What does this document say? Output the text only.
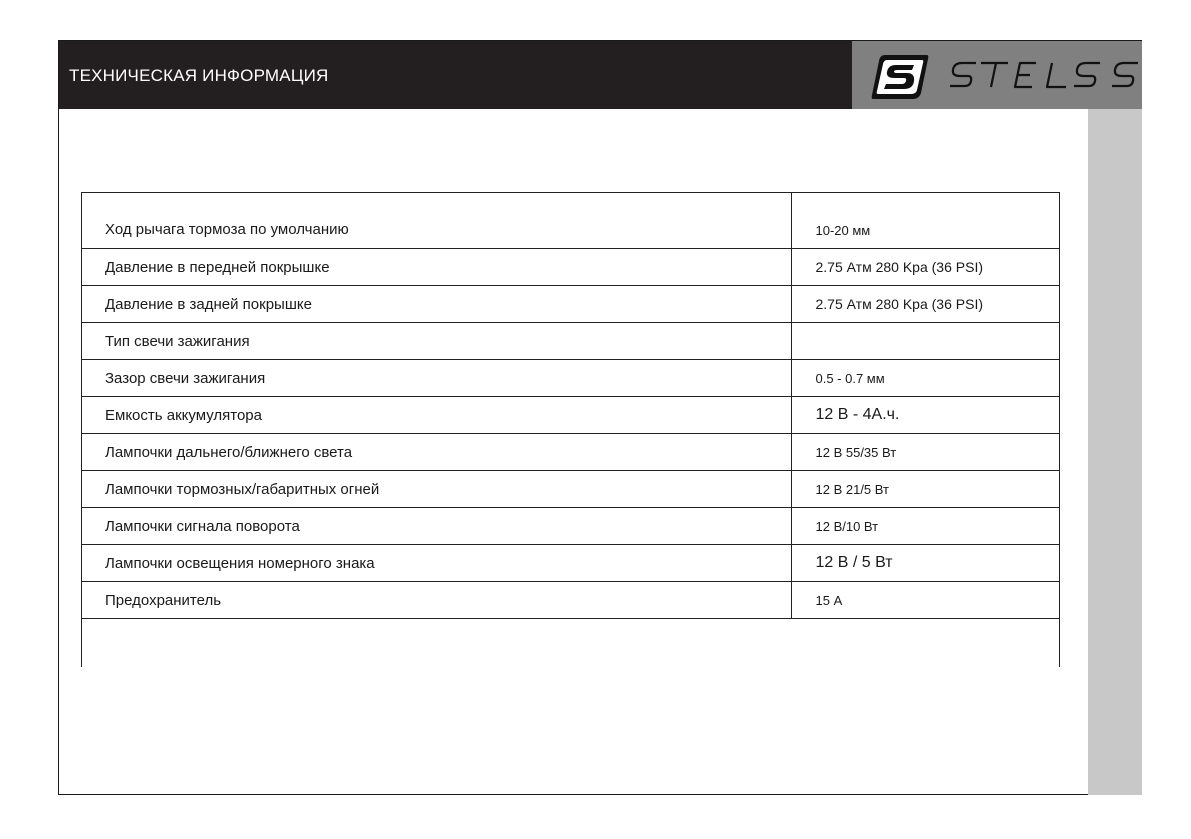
ТЕХНИЧЕСКАЯ ИНФОРМАЦИЯ
Ход рычага тормоза по умолчанию	10-20 мм
Давление в передней покрышке	2.75 Атм 280 Kpa (36 PSI)
Давление в задней покрышке	2.75 Атм 280 Kpa (36 PSI)
Тип свечи зажигания	
Зазор свечи зажигания	0.5 - 0.7 мм
Емкость аккумулятора	12 В - 4А.ч.
Лампочки дальнего/ближнего света	12 В 55/35 Вт
Лампочки тормозных/габаритных огней	12 В 21/5 Вт
Лампочки сигнала поворота	12 В/10 Вт
Лампочки освещения номерного знака	12 В / 5 Вт
Предохранитель	15 А
